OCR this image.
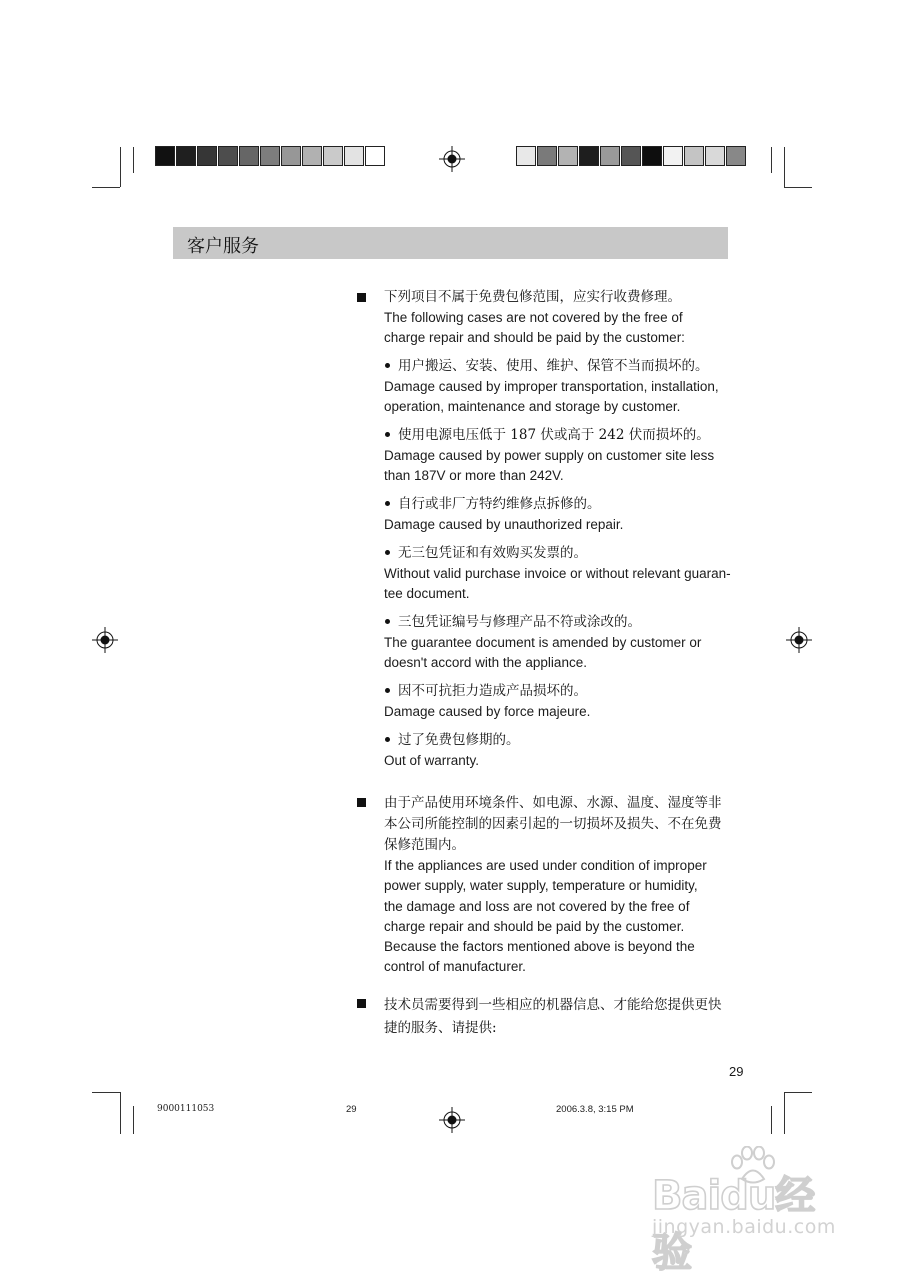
客户服务
下列项目不属于免费包修范围，应实行收费修理。
The following cases are not covered by the free of
charge repair and should be paid by the customer:
用户搬运、安装、使用、维护、保管不当而损坏的。
Damage caused by improper transportation, installation,
operation, maintenance and storage by customer.
使用电源电压低于 187 伏或高于 242 伏而损坏的。
Damage caused by power supply on customer site less
than 187V or more than 242V.
自行或非厂方特约维修点拆修的。
Damage caused by unauthorized repair.
无三包凭证和有效购买发票的。
Without valid purchase invoice or without relevant guaran-
tee document.
三包凭证编号与修理产品不符或涂改的。
The guarantee document is amended by customer or
doesn't accord with the appliance.
因不可抗拒力造成产品损坏的。
Damage caused by force majeure.
过了免费包修期的。
Out of warranty.
由于产品使用环境条件、如电源、水源、温度、湿度等非
本公司所能控制的因素引起的一切损坏及损失、不在免费
保修范围内。
If the appliances are used under condition of improper
power supply, water supply, temperature or humidity,
the damage and loss are not covered by the free of
charge repair and should be paid by the customer.
Because the factors mentioned above is beyond the
control of manufacturer.
技术员需要得到一些相应的机器信息、才能给您提供更快
捷的服务、请提供:
29
9000111053	29	2006.3.8, 3:15 PM
Baidu经验
jingyan.baidu.com
